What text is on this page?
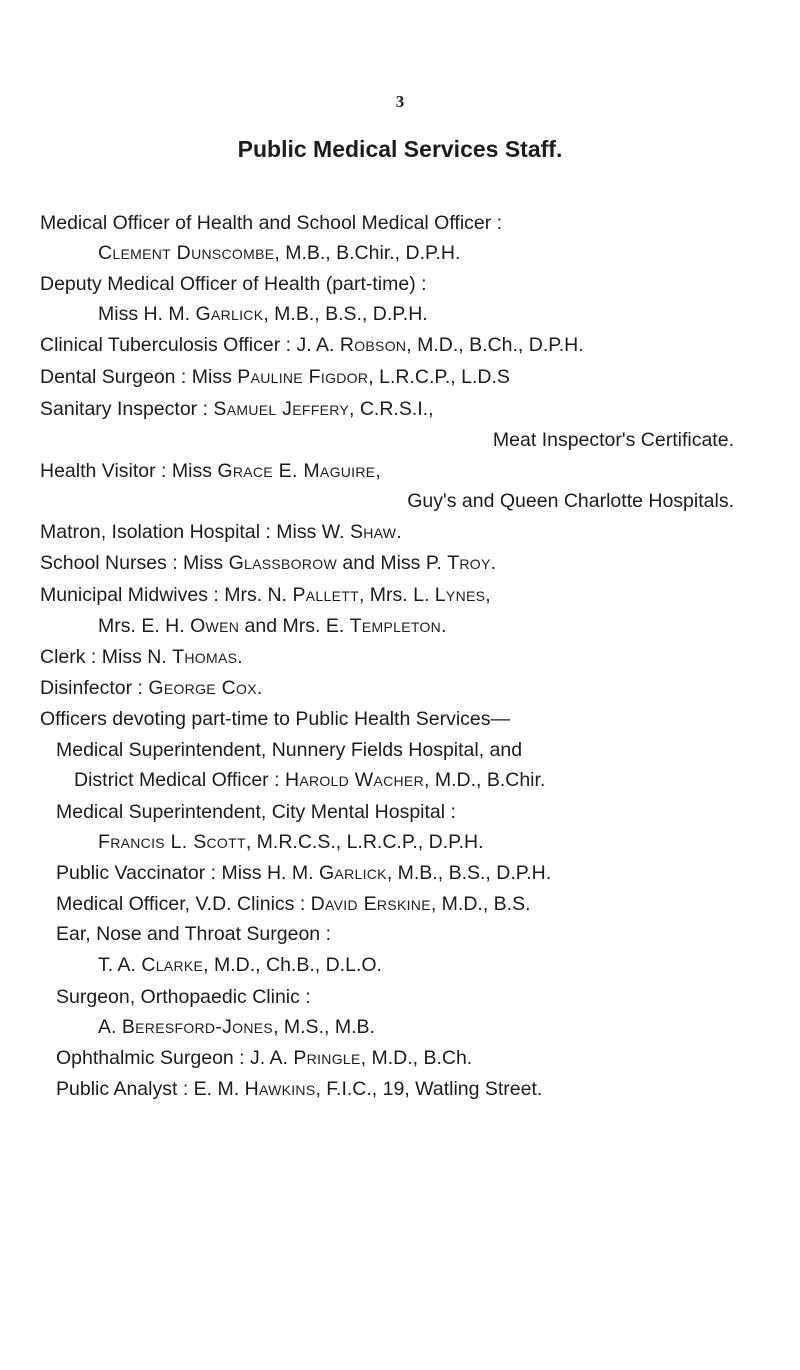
3
Public Medical Services Staff.
Medical Officer of Health and School Medical Officer :
Clement Dunscombe, M.B., B.Chir., D.P.H.
Deputy Medical Officer of Health (part-time) :
Miss H. M. Garlick, M.B., B.S., D.P.H.
Clinical Tuberculosis Officer : J. A. Robson, M.D., B.Ch., D.P.H.
Dental Surgeon : Miss Pauline Figdor, L.R.C.P., L.D.S
Sanitary Inspector : Samuel Jeffery, C.R.S.I.,
Meat Inspector's Certificate.
Health Visitor : Miss Grace E. Maguire,
Guy's and Queen Charlotte Hospitals.
Matron, Isolation Hospital : Miss W. Shaw.
School Nurses : Miss Glassborow and Miss P. Troy.
Municipal Midwives : Mrs. N. Pallett, Mrs. L. Lynes,
Mrs. E. H. Owen and Mrs. E. Templeton.
Clerk : Miss N. Thomas.
Disinfector : George Cox.
Officers devoting part-time to Public Health Services—
Medical Superintendent, Nunnery Fields Hospital, and
District Medical Officer : Harold Wacher, M.D., B.Chir.
Medical Superintendent, City Mental Hospital :
Francis L. Scott, M.R.C.S., L.R.C.P., D.P.H.
Public Vaccinator : Miss H. M. Garlick, M.B., B.S., D.P.H.
Medical Officer, V.D. Clinics : David Erskine, M.D., B.S.
Ear, Nose and Throat Surgeon :
T. A. Clarke, M.D., Ch.B., D.L.O.
Surgeon, Orthopaedic Clinic :
A. Beresford-Jones, M.S., M.B.
Ophthalmic Surgeon : J. A. Pringle, M.D., B.Ch.
Public Analyst : E. M. Hawkins, F.I.C., 19, Watling Street.
